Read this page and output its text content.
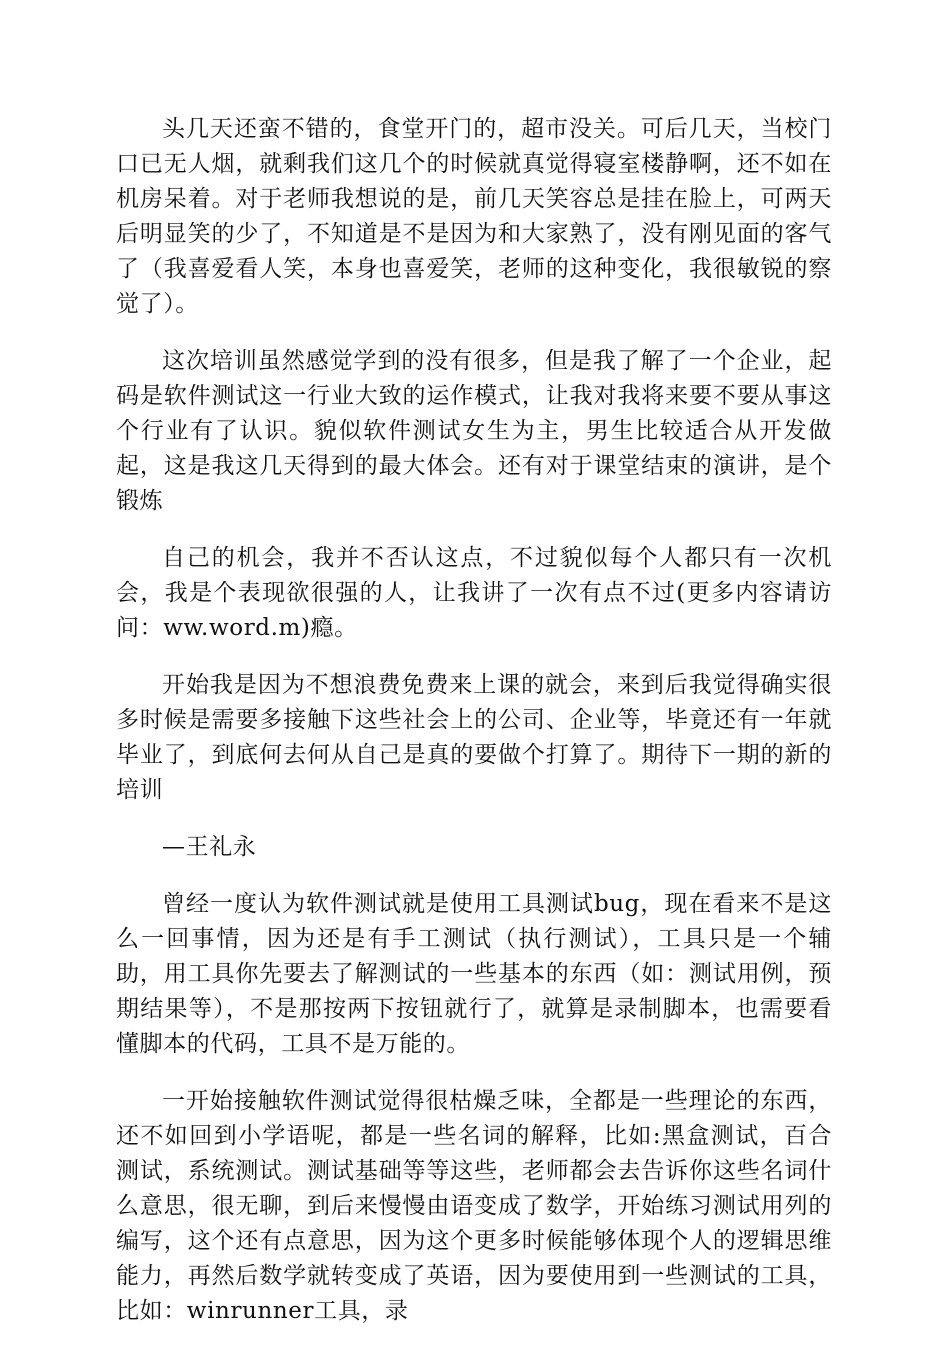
头几天还蛮不错的，食堂开门的，超市没关。可后几天，当校门口已无人烟，就剩我们这几个的时候就真觉得寝室楼静啊，还不如在机房呆着。对于老师我想说的是，前几天笑容总是挂在脸上，可两天后明显笑的少了，不知道是不是因为和大家熟了，没有刚见面的客气了（我喜爱看人笑，本身也喜爱笑，老师的这种变化，我很敏锐的察觉了）。

这次培训虽然感觉学到的没有很多，但是我了解了一个企业，起码是软件测试这一行业大致的运作模式，让我对我将来要不要从事这个行业有了认识。貌似软件测试女生为主，男生比较适合从开发做起，这是我这几天得到的最大体会。还有对于课堂结束的演讲，是个锻炼

自己的机会，我并不否认这点，不过貌似每个人都只有一次机会，我是个表现欲很强的人，让我讲了一次有点不过(更多内容请访问：ww.word.m)瘾。

开始我是因为不想浪费免费来上课的就会，来到后我觉得确实很多时候是需要多接触下这些社会上的公司、企业等，毕竟还有一年就毕业了，到底何去何从自己是真的要做个打算了。期待下一期的新的培训

—王礼永

曾经一度认为软件测试就是使用工具测试bug，现在看来不是这么一回事情，因为还是有手工测试（执行测试），工具只是一个辅助，用工具你先要去了解测试的一些基本的东西（如：测试用例，预期结果等），不是那按两下按钮就行了，就算是录制脚本，也需要看懂脚本的代码，工具不是万能的。

一开始接触软件测试觉得很枯燥乏味，全都是一些理论的东西，还不如回到小学语呢，都是一些名词的解释，比如:黑盒测试，百合测试，系统测试。测试基础等等这些，老师都会去告诉你这些名词什么意思，很无聊，到后来慢慢由语变成了数学，开始练习测试用列的编写，这个还有点意思，因为这个更多时候能够体现个人的逻辑思维能力，再然后数学就转变成了英语，因为要使用到一些测试的工具，比如：winrunner工具，录
